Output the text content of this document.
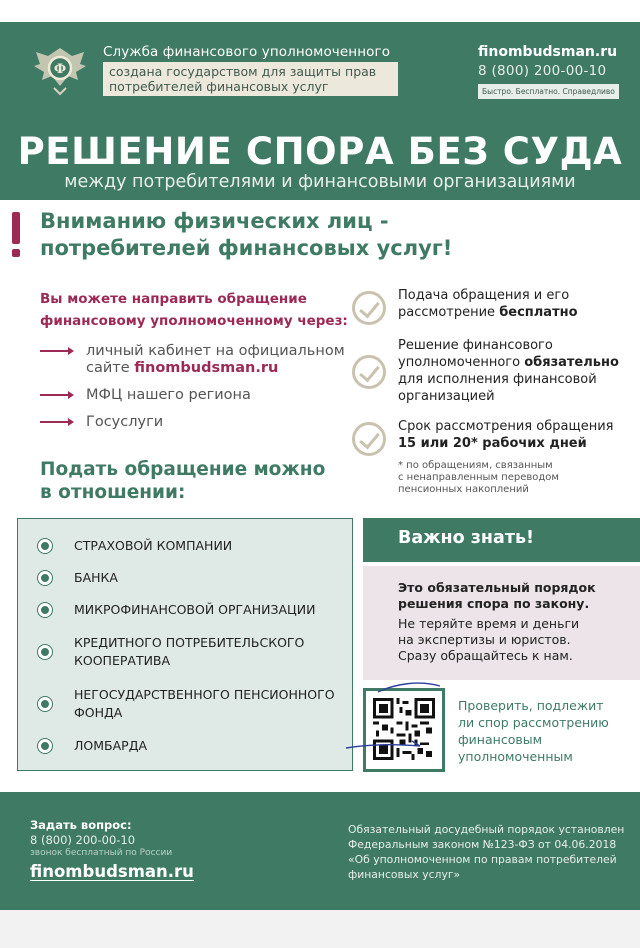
Ф
Служба финансового уполномоченного
создана государством для защиты прав
потребителей финансовых услуг
finombudsman.ru
8 (800) 200-00-10
Быстро. Бесплатно. Справедливо
РЕШЕНИЕ СПОРА БЕЗ СУДА
между потребителями и финансовыми организациями
Вниманию физических лиц -
потребителей финансовых услуг!
Вы можете направить обращение
финансовому уполномоченному через:
личный кабинет на официальном
сайте finombudsman.ru
МФЦ нашего региона
Госуслуги
Подать обращение можно
в отношении:
СТРАХОВОЙ КОМПАНИИ
БАНКА
МИКРОФИНАНСОВОЙ ОРГАНИЗАЦИИ
КРЕДИТНОГО ПОТРЕБИТЕЛЬСКОГО
КООПЕРАТИВА
НЕГОСУДАРСТВЕННОГО ПЕНСИОННОГО
ФОНДА
ЛОМБАРДА
Подача обращения и его
рассмотрение бесплатно
Решение финансового
уполномоченного обязательно
для исполнения финансовой
организацией
Срок рассмотрения обращения
15 или 20* рабочих дней
* по обращениям, связанным
с ненаправленным переводом
пенсионных накоплений
Важно знать!
Это обязательный порядок
решения спора по закону.
Не теряйте время и деньги
на экспертизы и юристов.
Сразу обращайтесь к нам.
Проверить, подлежит
ли спор рассмотрению
финансовым
уполномоченным
Задать вопрос:
8 (800) 200-00-10
звонок бесплатный по России
finombudsman.ru
Обязательный досудебный порядок установлен
Федеральным законом №123-ФЗ от 04.06.2018
«Об уполномоченном по правам потребителей
финансовых услуг»
